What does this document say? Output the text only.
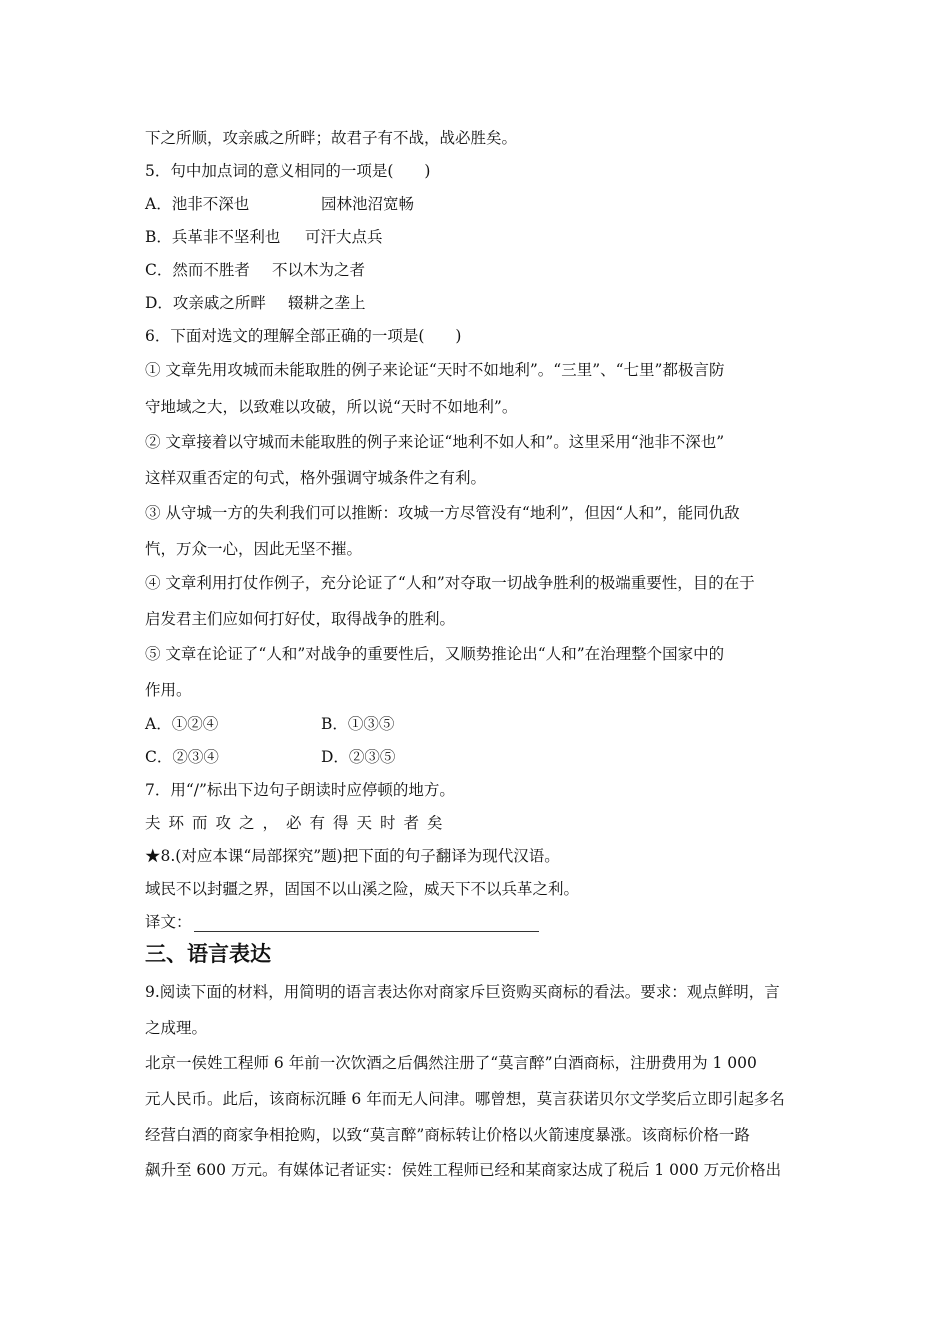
下之所顺，攻亲戚之所畔；故君子有不战，战必胜矣。
5．句中加点词的意义相同的一项是(　　)
A．池非不深也	园林池沼宽畅
B．兵革非不坚利也 可汗大点兵
C．然而不胜者 不以木为之者
D．攻亲戚之所畔 辍耕之垄上
6．下面对选文的理解全部正确的一项是(　　)
① 文章先用攻城而未能取胜的例子来论证“天时不如地利”。“三里”、“七里”都极言防
守地域之大，以致难以攻破，所以说“天时不如地利”。
② 文章接着以守城而未能取胜的例子来论证“地利不如人和”。这里采用“池非不深也”
这样双重否定的句式，格外强调守城条件之有利。
③ 从守城一方的失利我们可以推断：攻城一方尽管没有“地利”，但因“人和”，能同仇敌
忾，万众一心，因此无坚不摧。
④ 文章利用打仗作例子，充分论证了“人和”对夺取一切战争胜利的极端重要性，目的在于
启发君主们应如何打好仗，取得战争的胜利。
⑤ 文章在论证了“人和”对战争的重要性后，又顺势推论出“人和”在治理整个国家中的
作用。
A．①②④	B．①③⑤
C．②③④	D．②③⑤
7．用“/”标出下边句子朗读时应停顿的地方。
夫环而攻之，必有得天时者矣
★8.(对应本课“局部探究”题)把下面的句子翻译为现代汉语。
域民不以封疆之界，固国不以山溪之险，威天下不以兵革之利。
译文：
三、语言表达
9.阅读下面的材料，用简明的语言表达你对商家斥巨资购买商标的看法。要求：观点鲜明，言
之成理。
北京一侯姓工程师 6 年前一次饮酒之后偶然注册了“莫言醉”白酒商标，注册费用为 1 000
元人民币。此后，该商标沉睡 6 年而无人问津。哪曾想，莫言获诺贝尔文学奖后立即引起多名
经营白酒的商家争相抢购，以致“莫言醉”商标转让价格以火箭速度暴涨。该商标价格一路
飙升至 600 万元。有媒体记者证实：侯姓工程师已经和某商家达成了税后 1 000 万元价格出
